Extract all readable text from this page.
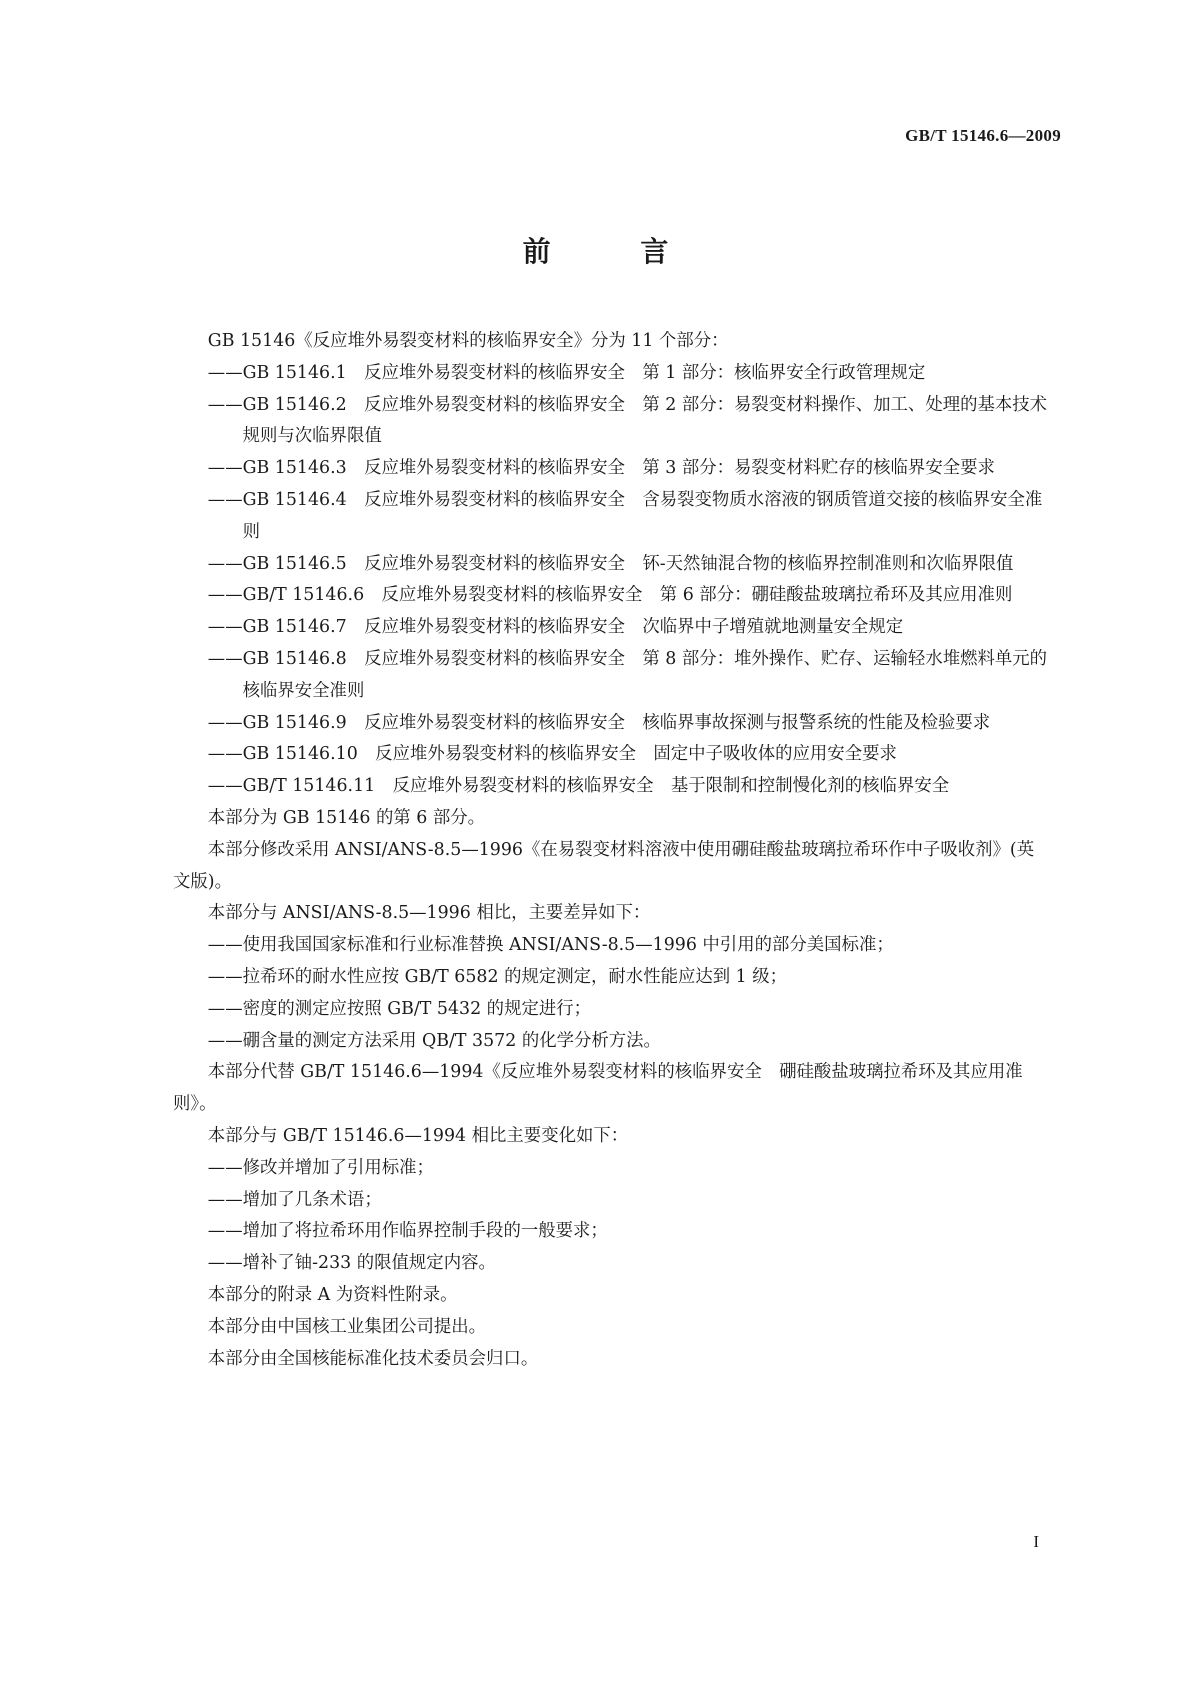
GB/T 15146.6—2009
前 言

GB 15146《反应堆外易裂变材料的核临界安全》分为 11 个部分：

——GB 15146.1　反应堆外易裂变材料的核临界安全　第 1 部分：核临界安全行政管理规定

——GB 15146.2　反应堆外易裂变材料的核临界安全　第 2 部分：易裂变材料操作、加工、处理的基本技术规则与次临界限值

——GB 15146.3　反应堆外易裂变材料的核临界安全　第 3 部分：易裂变材料贮存的核临界安全要求

——GB 15146.4　反应堆外易裂变材料的核临界安全　含易裂变物质水溶液的钢质管道交接的核临界安全准则

——GB 15146.5　反应堆外易裂变材料的核临界安全　钚-天然铀混合物的核临界控制准则和次临界限值

——GB/T 15146.6　反应堆外易裂变材料的核临界安全　第 6 部分：硼硅酸盐玻璃拉希环及其应用准则

——GB 15146.7　反应堆外易裂变材料的核临界安全　次临界中子增殖就地测量安全规定

——GB 15146.8　反应堆外易裂变材料的核临界安全　第 8 部分：堆外操作、贮存、运输轻水堆燃料单元的核临界安全准则

——GB 15146.9　反应堆外易裂变材料的核临界安全　核临界事故探测与报警系统的性能及检验要求

——GB 15146.10　反应堆外易裂变材料的核临界安全　固定中子吸收体的应用安全要求

——GB/T 15146.11　反应堆外易裂变材料的核临界安全　基于限制和控制慢化剂的核临界安全

本部分为 GB 15146 的第 6 部分。

本部分修改采用 ANSI/ANS-8.5—1996《在易裂变材料溶液中使用硼硅酸盐玻璃拉希环作中子吸收剂》(英文版)。

本部分与 ANSI/ANS-8.5—1996 相比，主要差异如下：

——使用我国国家标准和行业标准替换 ANSI/ANS-8.5—1996 中引用的部分美国标准；

——拉希环的耐水性应按 GB/T 6582 的规定测定，耐水性能应达到 1 级；

——密度的测定应按照 GB/T 5432 的规定进行；

——硼含量的测定方法采用 QB/T 3572 的化学分析方法。

本部分代替 GB/T 15146.6—1994《反应堆外易裂变材料的核临界安全　硼硅酸盐玻璃拉希环及其应用准则》。

本部分与 GB/T 15146.6—1994 相比主要变化如下：

——修改并增加了引用标准；

——增加了几条术语；

——增加了将拉希环用作临界控制手段的一般要求；

——增补了铀-233 的限值规定内容。

本部分的附录 A 为资料性附录。

本部分由中国核工业集团公司提出。

本部分由全国核能标准化技术委员会归口。

I
